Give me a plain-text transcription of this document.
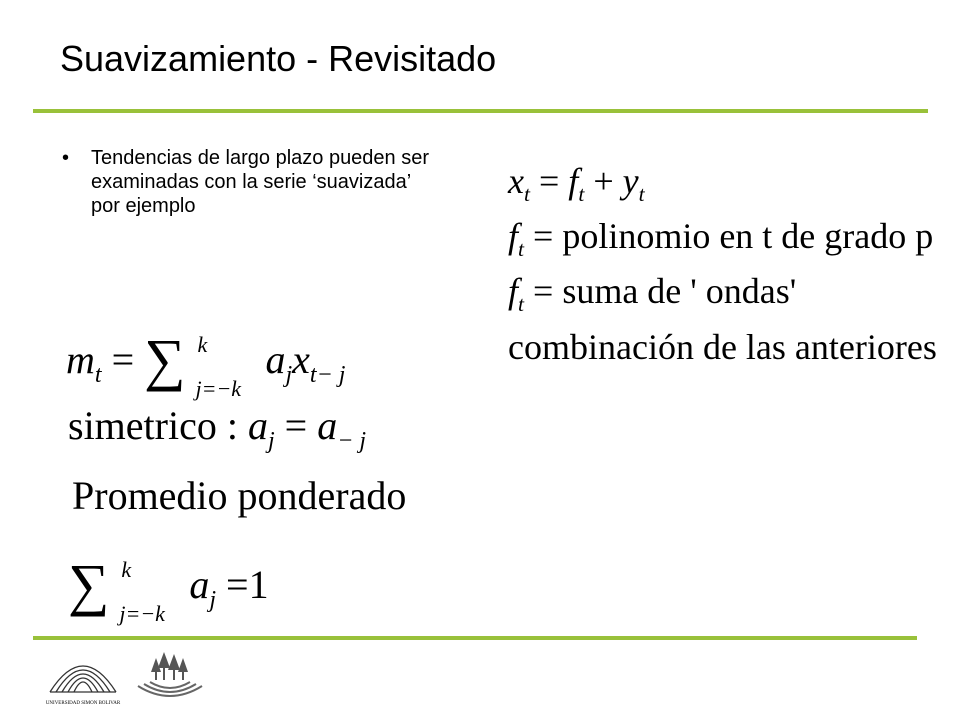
Suavizamiento - Revisitado
• Tendencias de largo plazo pueden ser examinadas con la serie ‘suavizada’ por ejemplo
$m_t$ = ∑ k
j=−k
$a_jx_{t- j}$
simetrico : $a_j = a_{- j}$
Promedio ponderado
∑ k
j=−k
$a_j =1$
$x_t = f_t + y_t$
$f_t$ = polinomio en t de grado p
$f_t$ = suma de ' ondas'
combinación de las anteriores
UNIVERSIDAD SIMON BOLIVAR
